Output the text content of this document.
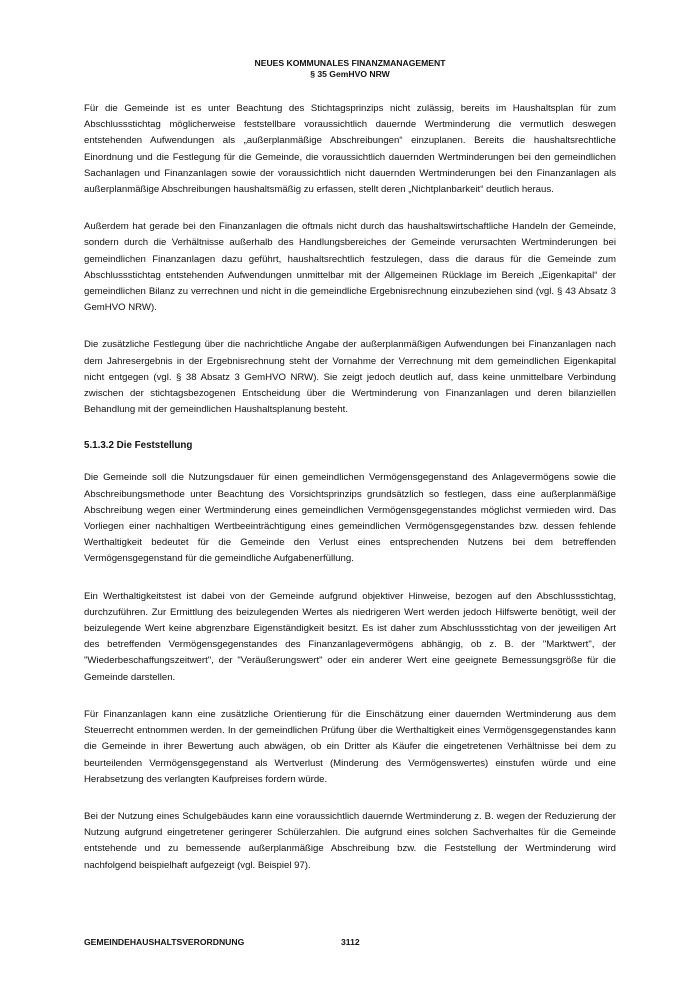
NEUES KOMMUNALES FINANZMANAGEMENT
§ 35 GemHVO NRW

Für die Gemeinde ist es unter Beachtung des Stichtagsprinzips nicht zulässig, bereits im Haushaltsplan für zum Abschlussstichtag möglicherweise feststellbare voraussichtlich dauernde Wertminderung die vermutlich deswegen entstehenden Aufwendungen als „außerplanmäßige Abschreibungen“ einzuplanen. Bereits die haushaltsrechtliche Einordnung und die Festlegung für die Gemeinde, die voraussichtlich dauernden Wertminderungen bei den gemeindlichen Sachanlagen und Finanzanlagen sowie der voraussichtlich nicht dauernden Wertminderungen bei den Finanzanlagen als außerplanmäßige Abschreibungen haushaltsmäßig zu erfassen, stellt deren „Nichtplanbarkeit“ deutlich heraus.

Außerdem hat gerade bei den Finanzanlagen die oftmals nicht durch das haushaltswirtschaftliche Handeln der Gemeinde, sondern durch die Verhältnisse außerhalb des Handlungsbereiches der Gemeinde verursachten Wertminderungen bei gemeindlichen Finanzanlagen dazu geführt, haushaltsrechtlich festzulegen, dass die daraus für die Gemeinde zum Abschlussstichtag entstehenden Aufwendungen unmittelbar mit der Allgemeinen Rücklage im Bereich „Eigenkapital“ der gemeindlichen Bilanz zu verrechnen und nicht in die gemeindliche Ergebnisrechnung einzubeziehen sind (vgl. § 43 Absatz 3 GemHVO NRW).

Die zusätzliche Festlegung über die nachrichtliche Angabe der außerplanmäßigen Aufwendungen bei Finanzanlagen nach dem Jahresergebnis in der Ergebnisrechnung steht der Vornahme der Verrechnung mit dem gemeindlichen Eigenkapital nicht entgegen (vgl. § 38 Absatz 3 GemHVO NRW). Sie zeigt jedoch deutlich auf, dass keine unmittelbare Verbindung zwischen der stichtagsbezogenen Entscheidung über die Wertminderung von Finanzanlagen und deren bilanziellen Behandlung mit der gemeindlichen Haushaltsplanung besteht.

5.1.3.2 Die Feststellung

Die Gemeinde soll die Nutzungsdauer für einen gemeindlichen Vermögensgegenstand des Anlagevermögens sowie die Abschreibungsmethode unter Beachtung des Vorsichtsprinzips grundsätzlich so festlegen, dass eine außerplanmäßige Abschreibung wegen einer Wertminderung eines gemeindlichen Vermögensgegenstandes möglichst vermieden wird. Das Vorliegen einer nachhaltigen Wertbeeinträchtigung eines gemeindlichen Vermögensgegenstandes bzw. dessen fehlende Werthaltigkeit bedeutet für die Gemeinde den Verlust eines entsprechenden Nutzens bei dem betreffenden Vermögensgegenstand für die gemeindliche Aufgabenerfüllung.

Ein Werthaltigkeitstest ist dabei von der Gemeinde aufgrund objektiver Hinweise, bezogen auf den Abschlussstichtag, durchzuführen. Zur Ermittlung des beizulegenden Wertes als niedrigeren Wert werden jedoch Hilfswerte benötigt, weil der beizulegende Wert keine abgrenzbare Eigenständigkeit besitzt. Es ist daher zum Abschlussstichtag von der jeweiligen Art des betreffenden Vermögensgegenstandes des Finanzanlagevermögens abhängig, ob z. B. der "Marktwert", der "Wiederbeschaffungszeitwert", der "Veräußerungswert" oder ein anderer Wert eine geeignete Bemessungsgröße für die Gemeinde darstellen.

Für Finanzanlagen kann eine zusätzliche Orientierung für die Einschätzung einer dauernden Wertminderung aus dem Steuerrecht entnommen werden. In der gemeindlichen Prüfung über die Werthaltigkeit eines Vermögensgegenstandes kann die Gemeinde in ihrer Bewertung auch abwägen, ob ein Dritter als Käufer die eingetretenen Verhältnisse bei dem zu beurteilenden Vermögensgegenstand als Wertverlust (Minderung des Vermögenswertes) einstufen würde und eine Herabsetzung des verlangten Kaufpreises fordern würde.

Bei der Nutzung eines Schulgebäudes kann eine voraussichtlich dauernde Wertminderung z. B. wegen der Reduzierung der Nutzung aufgrund eingetretener geringerer Schülerzahlen. Die aufgrund eines solchen Sachverhaltes für die Gemeinde entstehende und zu bemessende außerplanmäßige Abschreibung bzw. die Feststellung der Wertminderung wird nachfolgend beispielhaft aufgezeigt (vgl. Beispiel 97).

GEMEINDEHAUSHALTSVERORDNUNG	3112
